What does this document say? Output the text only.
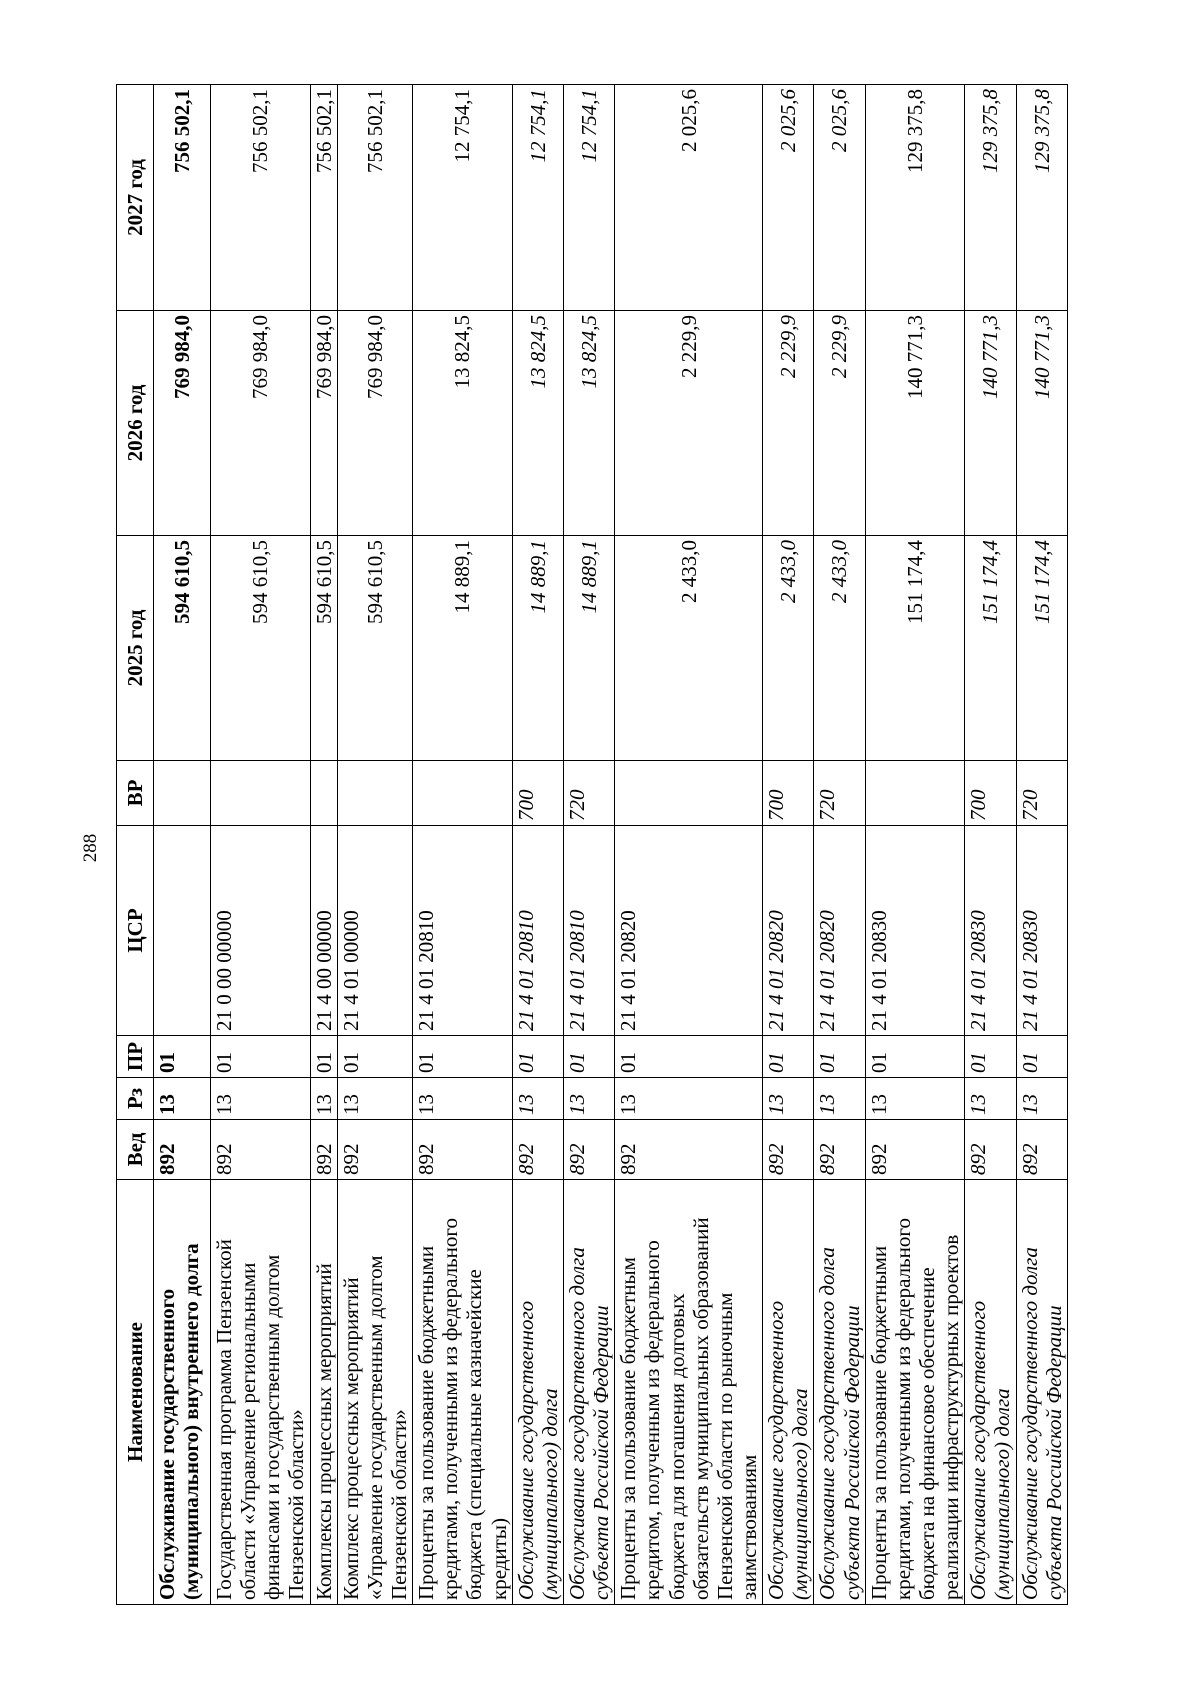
288
Наименование	Вед	Рз	ПР	ЦСР	ВР	2025 год	2026 год	2027 год
Обслуживание государственного (муниципального) внутреннего долга	892	13	01			594 610,5	769 984,0	756 502,1
Государственная программа Пензенской области «Управление региональными финансами и государственным долгом Пензенской области»	892	13	01	21 0 00 00000		594 610,5	769 984,0	756 502,1
Комплексы процессных мероприятий	892	13	01	21 4 00 00000		594 610,5	769 984,0	756 502,1
Комплекс процессных мероприятий «Управление государственным долгом Пензенской области»	892	13	01	21 4 01 00000		594 610,5	769 984,0	756 502,1
Проценты за пользование бюджетными кредитами, полученными из федерального бюджета (специальные казначейские кредиты)	892	13	01	21 4 01 20810		14 889,1	13 824,5	12 754,1
Обслуживание государственного (муниципального) долга	892	13	01	21 4 01 20810	700	14 889,1	13 824,5	12 754,1
Обслуживание государственного долга субъекта Российской Федерации	892	13	01	21 4 01 20810	720	14 889,1	13 824,5	12 754,1
Проценты за пользование бюджетным кредитом, полученным из федерального бюджета для погашения долговых обязательств муниципальных образований Пензенской области по рыночным заимствованиям	892	13	01	21 4 01 20820		2 433,0	2 229,9	2 025,6
Обслуживание государственного (муниципального) долга	892	13	01	21 4 01 20820	700	2 433,0	2 229,9	2 025,6
Обслуживание государственного долга субъекта Российской Федерации	892	13	01	21 4 01 20820	720	2 433,0	2 229,9	2 025,6
Проценты за пользование бюджетными кредитами, полученными из федерального бюджета на финансовое обеспечение реализации инфраструктурных проектов	892	13	01	21 4 01 20830		151 174,4	140 771,3	129 375,8
Обслуживание государственного (муниципального) долга	892	13	01	21 4 01 20830	700	151 174,4	140 771,3	129 375,8
Обслуживание государственного долга субъекта Российской Федерации	892	13	01	21 4 01 20830	720	151 174,4	140 771,3	129 375,8
